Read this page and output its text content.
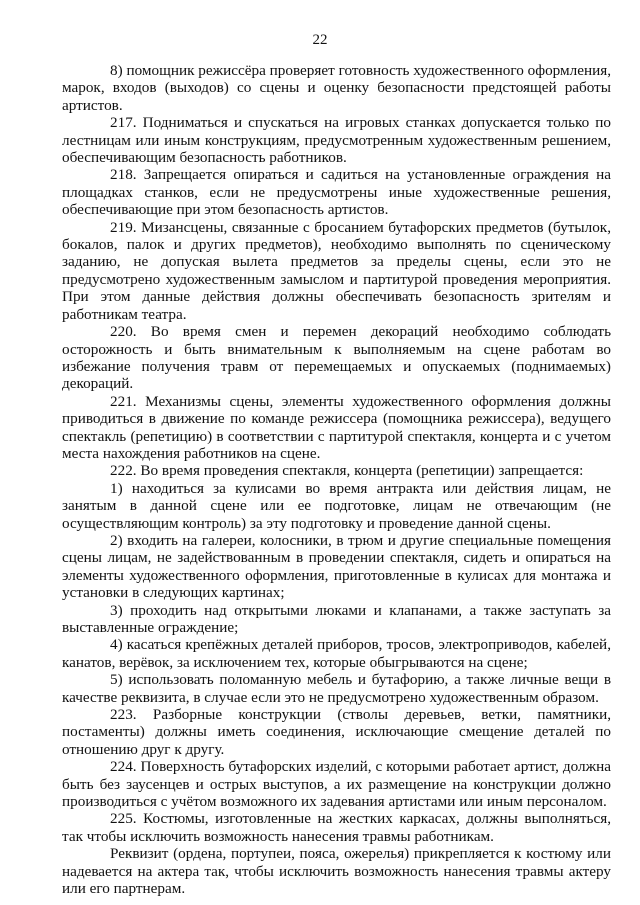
22

8) помощник режиссёра проверяет готовность художественного оформления, марок, входов (выходов) со сцены и оценку безопасности предстоящей работы артистов.

217. Подниматься и спускаться на игровых станках допускается только по лестницам или иным конструкциям, предусмотренным художественным решением, обеспечивающим безопасность работников.

218. Запрещается опираться и садиться на установленные ограждения на площадках станков, если не предусмотрены иные художественные решения, обеспечивающие при этом безопасность артистов.

219. Мизансцены, связанные с бросанием бутафорских предметов (бутылок, бокалов, палок и других предметов), необходимо выполнять по сценическому заданию, не допуская вылета предметов за пределы сцены, если это не предусмотрено художественным замыслом и партитурой проведения мероприятия. При этом данные действия должны обеспечивать безопасность зрителям и работникам театра.

220. Во время смен и перемен декораций необходимо соблюдать осторожность и быть внимательным к выполняемым на сцене работам во избежание получения травм от перемещаемых и опускаемых (поднимаемых) декораций.

221. Механизмы сцены, элементы художественного оформления должны приводиться в движение по команде режиссера (помощника режиссера), ведущего спектакль (репетицию) в соответствии с партитурой спектакля, концерта и с учетом места нахождения работников на сцене.

222. Во время проведения спектакля, концерта (репетиции) запрещается:

1) находиться за кулисами во время антракта или действия лицам, не занятым в данной сцене или ее подготовке, лицам не отвечающим (не осуществляющим контроль) за эту подготовку и проведение данной сцены.

2) входить на галереи, колосники, в трюм и другие специальные помещения сцены лицам, не задействованным в проведении спектакля, сидеть и опираться на элементы художественного оформления, приготовленные в кулисах для монтажа и установки в следующих картинах;

3) проходить над открытыми люками и клапанами, а также заступать за выставленные ограждение;

4) касаться крепёжных деталей приборов, тросов, электроприводов, кабелей, канатов, верёвок, за исключением тех, которые обыгрываются на сцене;

5) использовать поломанную мебель и бутафорию, а также личные вещи в качестве реквизита, в случае если это не предусмотрено художественным образом.

223. Разборные конструкции (стволы деревьев, ветки, памятники, постаменты) должны иметь соединения, исключающие смещение деталей по отношению друг к другу.

224. Поверхность бутафорских изделий, с которыми работает артист, должна быть без заусенцев и острых выступов, а их размещение на конструкции должно производиться с учётом возможного их задевания артистами или иным персоналом.

225. Костюмы, изготовленные на жестких каркасах, должны выполняться, так чтобы исключить возможность нанесения травмы работникам.

Реквизит (ордена, портупеи, пояса, ожерелья) прикрепляется к костюму или надевается на актера так, чтобы исключить возможность нанесения травмы актеру или его партнерам.
